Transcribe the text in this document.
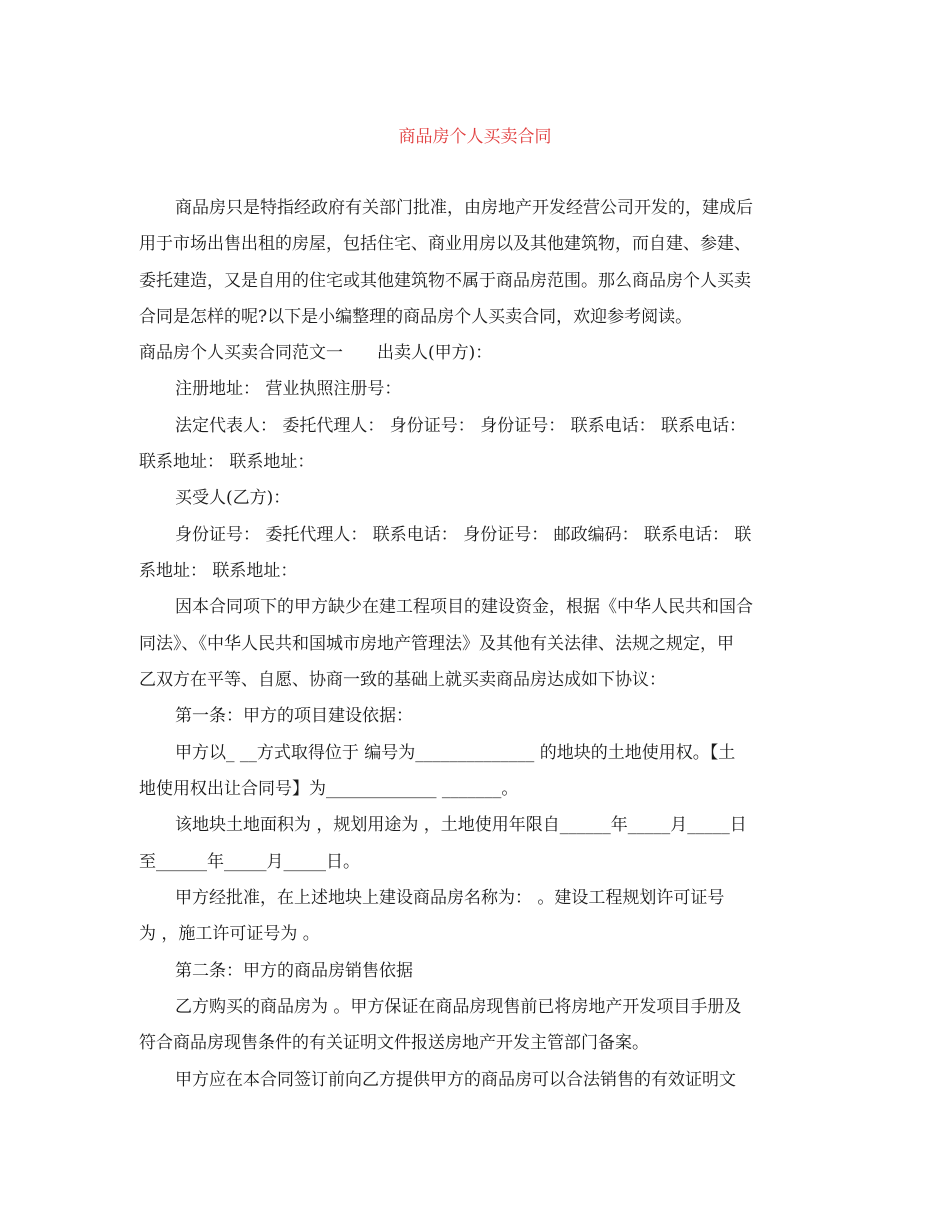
商品房个人买卖合同
商品房只是特指经政府有关部门批准，由房地产开发经营公司开发的，建成后
用于市场出售出租的房屋，包括住宅、商业用房以及其他建筑物，而自建、参建、
委托建造，又是自用的住宅或其他建筑物不属于商品房范围。那么商品房个人买卖
合同是怎样的呢?以下是小编整理的商品房个人买卖合同，欢迎参考阅读。
商品房个人买卖合同范文一　　出卖人(甲方)：
注册地址： 营业执照注册号：
法定代表人： 委托代理人： 身份证号： 身份证号： 联系电话： 联系电话：
联系地址： 联系地址：
买受人(乙方)：
身份证号： 委托代理人： 联系电话： 身份证号： 邮政编码： 联系电话： 联
系地址： 联系地址：
因本合同项下的甲方缺少在建工程项目的建设资金，根据《中华人民共和国合
同法》、《中华人民共和国城市房地产管理法》及其他有关法律、法规之规定，甲
乙双方在平等、自愿、协商一致的基础上就买卖商品房达成如下协议：
第一条：甲方的项目建设依据：
甲方以_ __方式取得位于 编号为______________ 的地块的土地使用权。【土
地使用权出让合同号】为_____________ _______。
该地块土地面积为 ，规划用途为 ，土地使用年限自______年_____月_____日
至______年_____月_____日。
甲方经批准，在上述地块上建设商品房名称为： 。建设工程规划许可证号
为 ，施工许可证号为 。
第二条：甲方的商品房销售依据
乙方购买的商品房为 。甲方保证在商品房现售前已将房地产开发项目手册及
符合商品房现售条件的有关证明文件报送房地产开发主管部门备案。
甲方应在本合同签订前向乙方提供甲方的商品房可以合法销售的有效证明文
